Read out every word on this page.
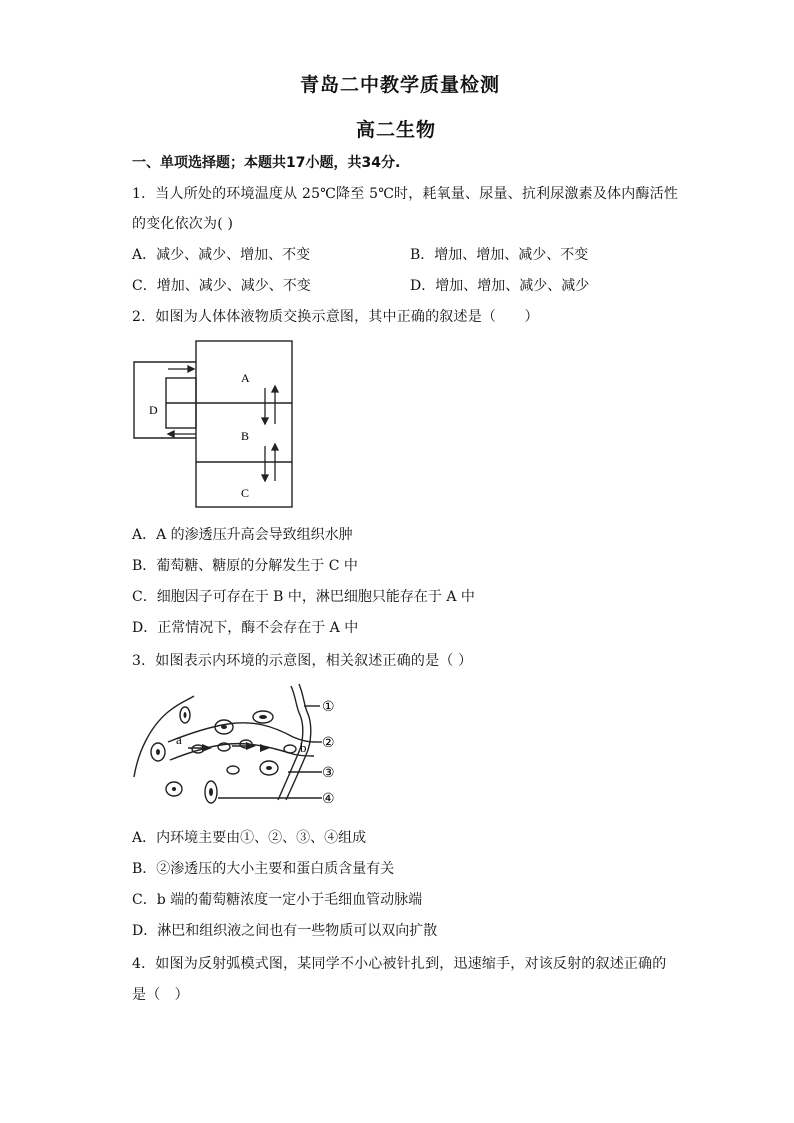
青岛二中教学质量检测
高二生物
一、单项选择题；本题共17小题，共34分.
1．当人所处的环境温度从 25℃降至 5℃时，耗氧量、尿量、抗利尿激素及体内酶活性
的变化依次为( )
A．减少、减少、增加、不变	B．增加、增加、减少、不变
C．增加、减少、减少、不变	D．增加、增加、减少、减少
2．如图为人体体液物质交换示意图，其中正确的叙述是（　　）
A
B
C
D
A．A 的渗透压升高会导致组织水肿
B．葡萄糖、糖原的分解发生于 C 中
C．细胞因子可存在于 B 中，淋巴细胞只能存在于 A 中
D．正常情况下，酶不会存在于 A 中
3．如图表示内环境的示意图，相关叙述正确的是（ ）
a
b
①
②
③
④
A．内环境主要由①、②、③、④组成
B．②渗透压的大小主要和蛋白质含量有关
C．b 端的葡萄糖浓度一定小于毛细血管动脉端
D．淋巴和组织液之间也有一些物质可以双向扩散
4．如图为反射弧模式图，某同学不小心被针扎到，迅速缩手，对该反射的叙述正确的
是（　）
